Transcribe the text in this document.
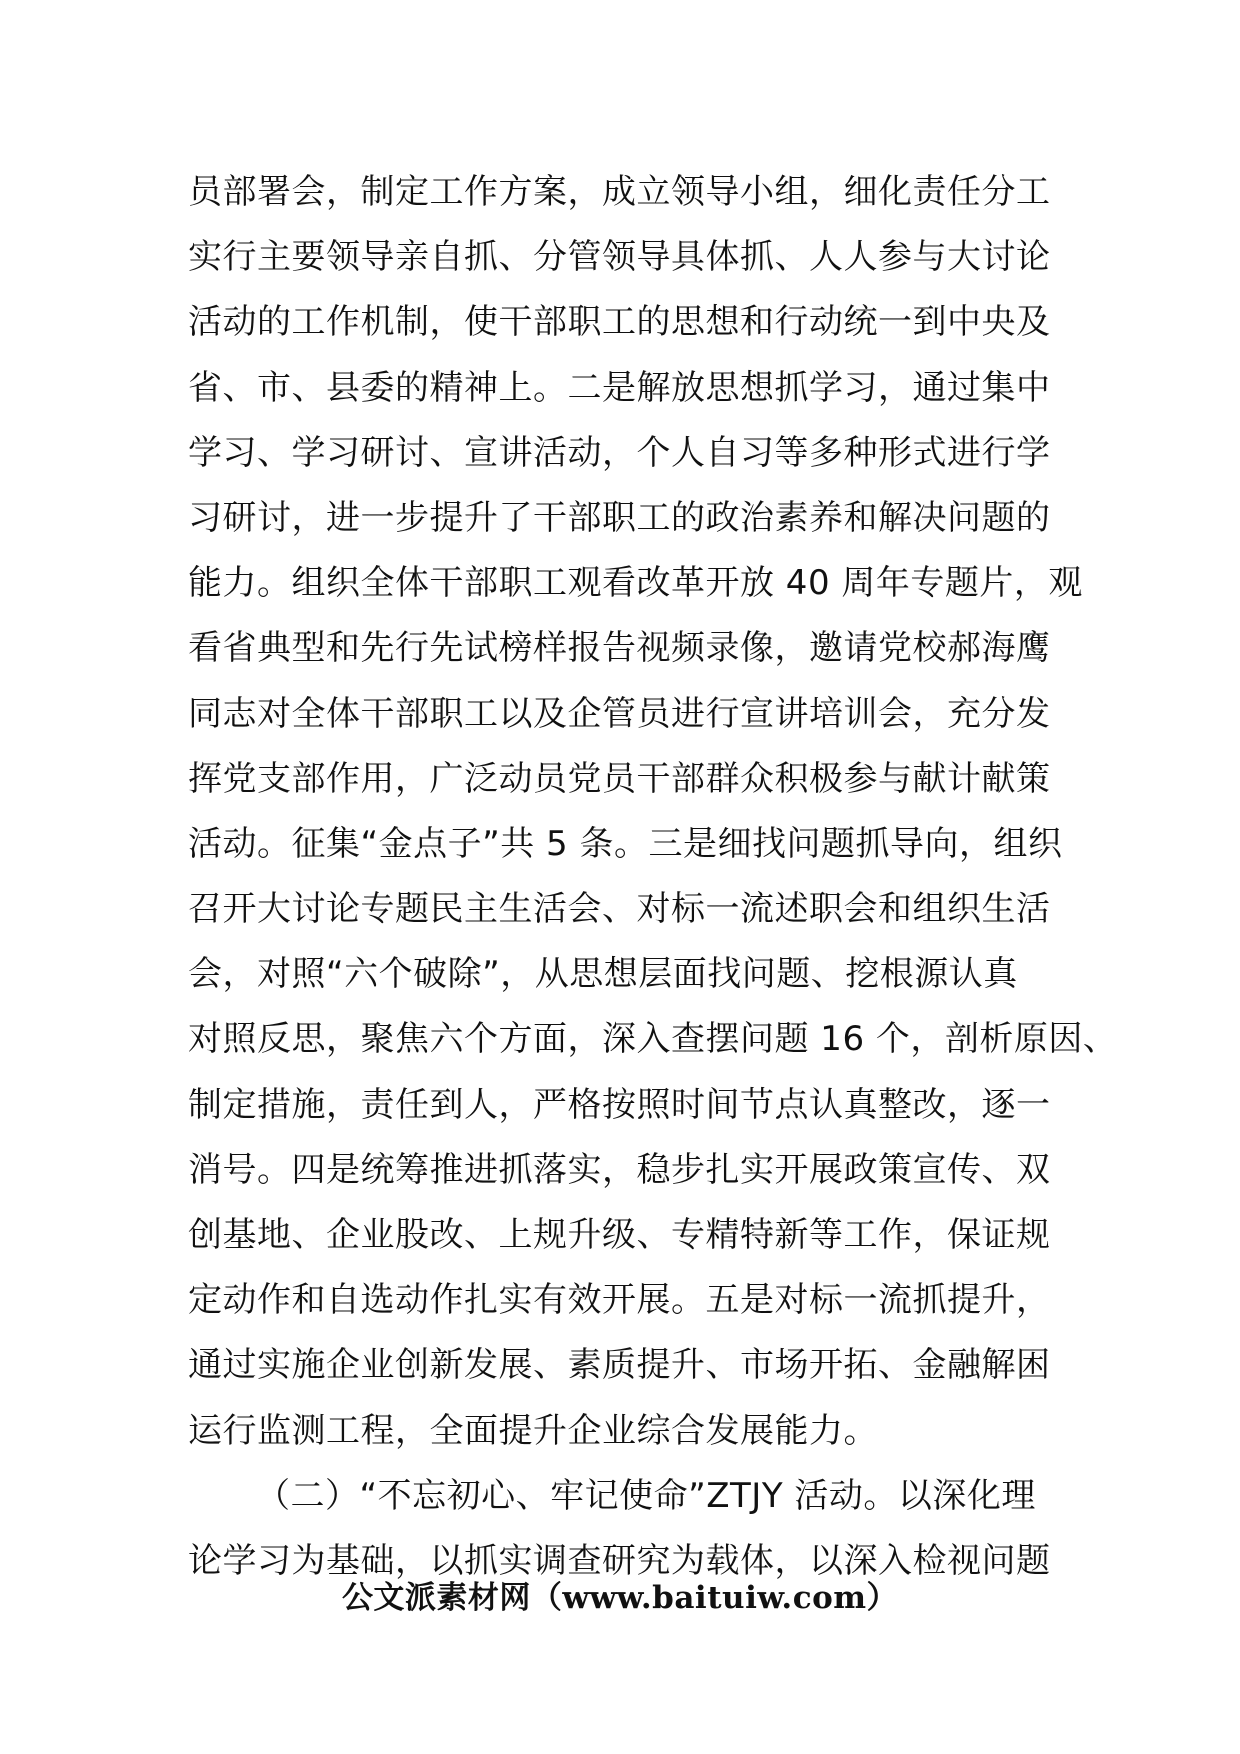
员部署会，制定工作方案，成立领导小组，细化责任分工
实行主要领导亲自抓、分管领导具体抓、人人参与大讨论
活动的工作机制，使干部职工的思想和行动统一到中央及
省、市、县委的精神上。二是解放思想抓学习，通过集中
学习、学习研讨、宣讲活动，个人自习等多种形式进行学
习研讨，进一步提升了干部职工的政治素养和解决问题的
能力。组织全体干部职工观看改革开放 40 周年专题片，观
看省典型和先行先试榜样报告视频录像，邀请党校郝海鹰
同志对全体干部职工以及企管员进行宣讲培训会，充分发
挥党支部作用，广泛动员党员干部群众积极参与献计献策
活动。征集“金点子”共 5 条。三是细找问题抓导向，组织
召开大讨论专题民主生活会、对标一流述职会和组织生活
会，对照“六个破除”，从思想层面找问题、挖根源认真
对照反思，聚焦六个方面，深入查摆问题 16 个，剖析原因、
制定措施，责任到人，严格按照时间节点认真整改，逐一
消号。四是统筹推进抓落实，稳步扎实开展政策宣传、双
创基地、企业股改、上规升级、专精特新等工作，保证规
定动作和自选动作扎实有效开展。五是对标一流抓提升，
通过实施企业创新发展、素质提升、市场开拓、金融解困
运行监测工程，全面提升企业综合发展能力。
（二）“不忘初心、牢记使命”ZTJY 活动。以深化理
论学习为基础，以抓实调查研究为载体，以深入检视问题
公文派素材网（www.baituiw.com）
